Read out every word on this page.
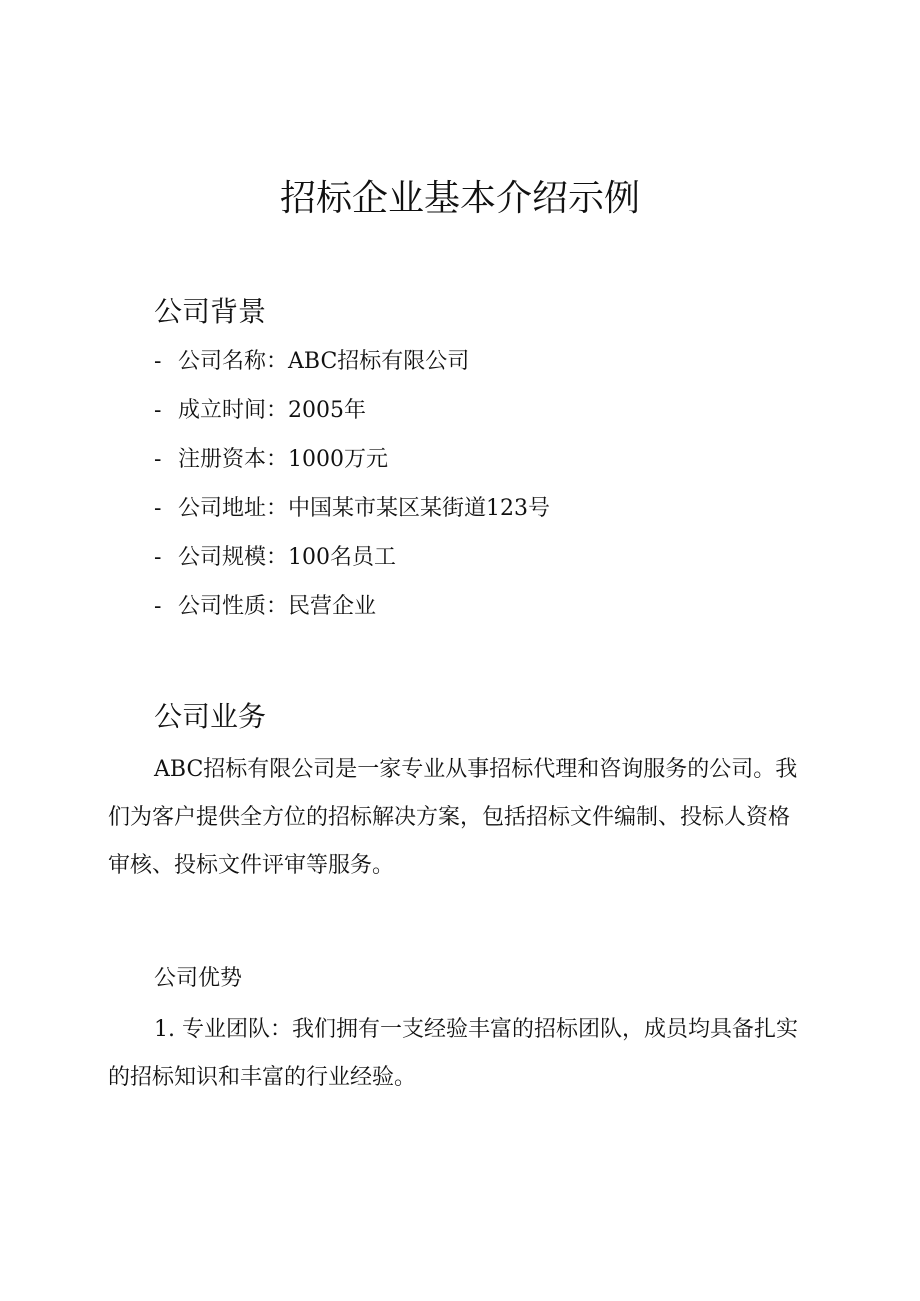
招标企业基本介绍示例
公司背景
- 公司名称：ABC招标有限公司
- 成立时间：2005年
- 注册资本：1000万元
- 公司地址：中国某市某区某街道123号
- 公司规模：100名员工
- 公司性质：民营企业
公司业务

ABC招标有限公司是一家专业从事招标代理和咨询服务的公司。我们为客户提供全方位的招标解决方案，包括招标文件编制、投标人资格审核、投标文件评审等服务。

公司优势

1. 专业团队：我们拥有一支经验丰富的招标团队，成员均具备扎实的招标知识和丰富的行业经验。
